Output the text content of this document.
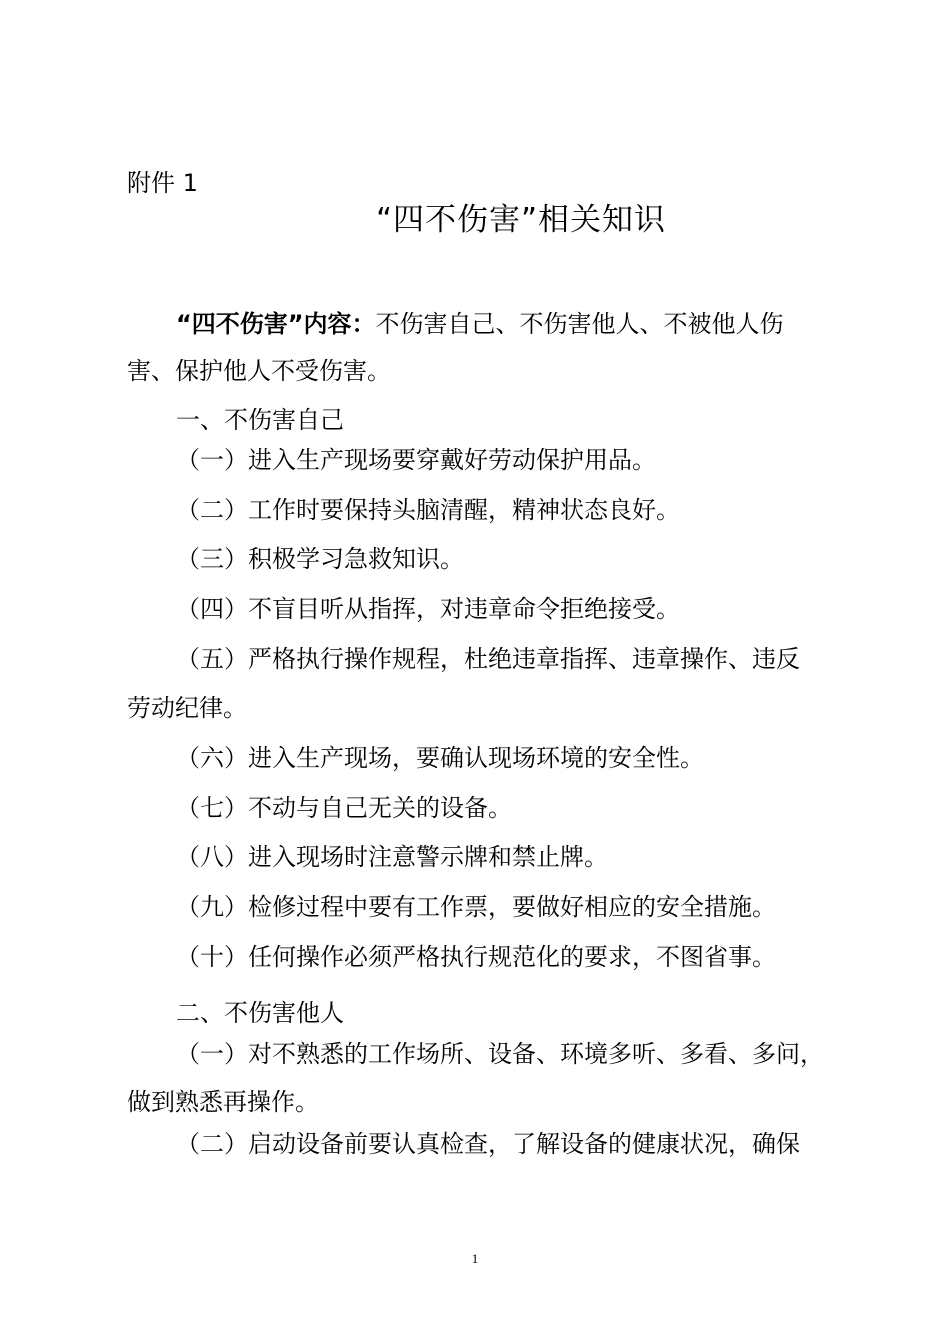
附件 1
“四不伤害”相关知识
“四不伤害”内容：不伤害自己、不伤害他人、不被他人伤
害、保护他人不受伤害。
一、不伤害自己
（一）进入生产现场要穿戴好劳动保护用品。
（二）工作时要保持头脑清醒，精神状态良好。
（三）积极学习急救知识。
（四）不盲目听从指挥，对违章命令拒绝接受。
（五）严格执行操作规程，杜绝违章指挥、违章操作、违反
劳动纪律。
（六）进入生产现场，要确认现场环境的安全性。
（七）不动与自己无关的设备。
（八）进入现场时注意警示牌和禁止牌。
（九）检修过程中要有工作票，要做好相应的安全措施。
（十）任何操作必须严格执行规范化的要求，不图省事。
二、不伤害他人
（一）对不熟悉的工作场所、设备、环境多听、多看、多问，
做到熟悉再操作。
（二）启动设备前要认真检查，了解设备的健康状况，确保
1
